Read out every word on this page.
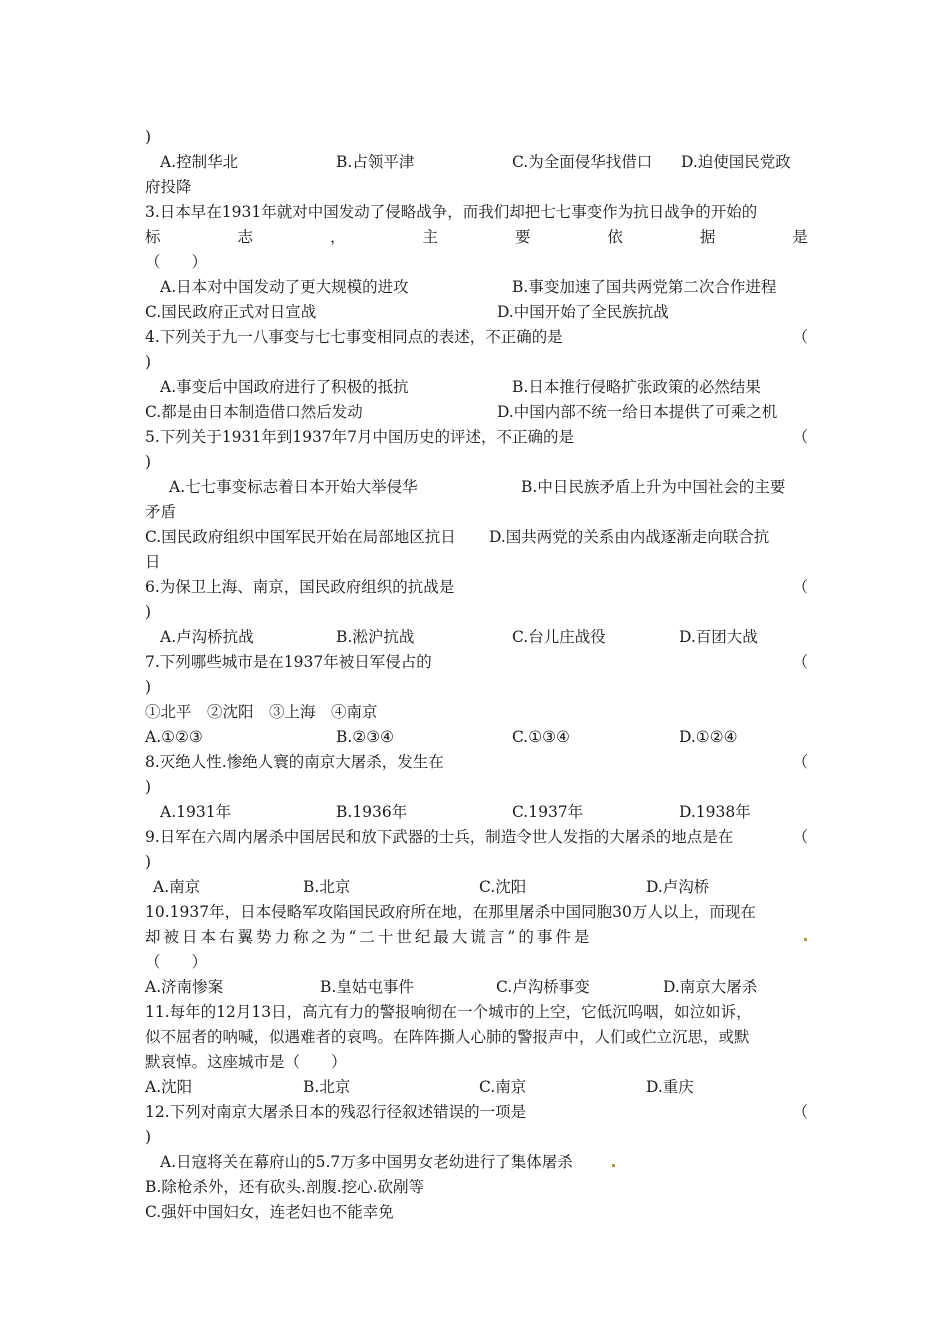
)
A.控制华北	B.占领平津	C.为全面侵华找借口 D.迫使国民党政
府投降
3.日本早在1931年就对中国发动了侵略战争，而我们却把七七事变作为抗日战争的开始的
标	志	，	主	要	依	据	是
（　　）
A.日本对中国发动了更大规模的进攻	B.事变加速了国共两党第二次合作进程
C.国民政府正式对日宣战	D.中国开始了全民族抗战
4.下列关于九一八事变与七七事变相同点的表述，不正确的是	（
)
A.事变后中国政府进行了积极的抵抗	B.日本推行侵略扩张政策的必然结果
C.都是由日本制造借口然后发动	D.中国内部不统一给日本提供了可乘之机
5.下列关于1931年到1937年7月中国历史的评述，不正确的是	（
)
A.七七事变标志着日本开始大举侵华	B.中日民族矛盾上升为中国社会的主要
矛盾
C.国民政府组织中国军民开始在局部地区抗日 D.国共两党的关系由内战逐渐走向联合抗
日
6.为保卫上海、南京，国民政府组织的抗战是	（
)
A.卢沟桥抗战	B.淞沪抗战	C.台儿庄战役	D.百团大战
7.下列哪些城市是在1937年被日军侵占的	（
)
①北平　②沈阳　③上海　④南京
A.①②③	B.②③④	C.①③④	D.①②④
8.灭绝人性.惨绝人寰的南京大屠杀，发生在	（
)
A.1931年	B.1936年	C.1937年	D.1938年
9.日军在六周内屠杀中国居民和放下武器的士兵，制造令世人发指的大屠杀的地点是在	（
)
A.南京	B.北京	C.沈阳	D.卢沟桥
10.1937年，日本侵略军攻陷国民政府所在地，在那里屠杀中国同胞30万人以上，而现在
却被日本右翼势力称之为“二十世纪最大谎言”的事件是
（　　）
A.济南惨案	B.皇姑屯事件	C.卢沟桥事变	D.南京大屠杀
11.每年的12月13日，高亢有力的警报响彻在一个城市的上空，它低沉呜咽，如泣如诉，
似不屈者的呐喊，似遇难者的哀鸣。在阵阵撕人心肺的警报声中，人们或伫立沉思，或默
默哀悼。这座城市是（　　）
A.沈阳	B.北京	C.南京	D.重庆
12.下列对南京大屠杀日本的残忍行径叙述错误的一项是	（
)
A.日寇将关在幕府山的5.7万多中国男女老幼进行了集体屠杀
B.除枪杀外，还有砍头.剖腹.挖心.砍剐等
C.强奸中国妇女，连老妇也不能幸免
